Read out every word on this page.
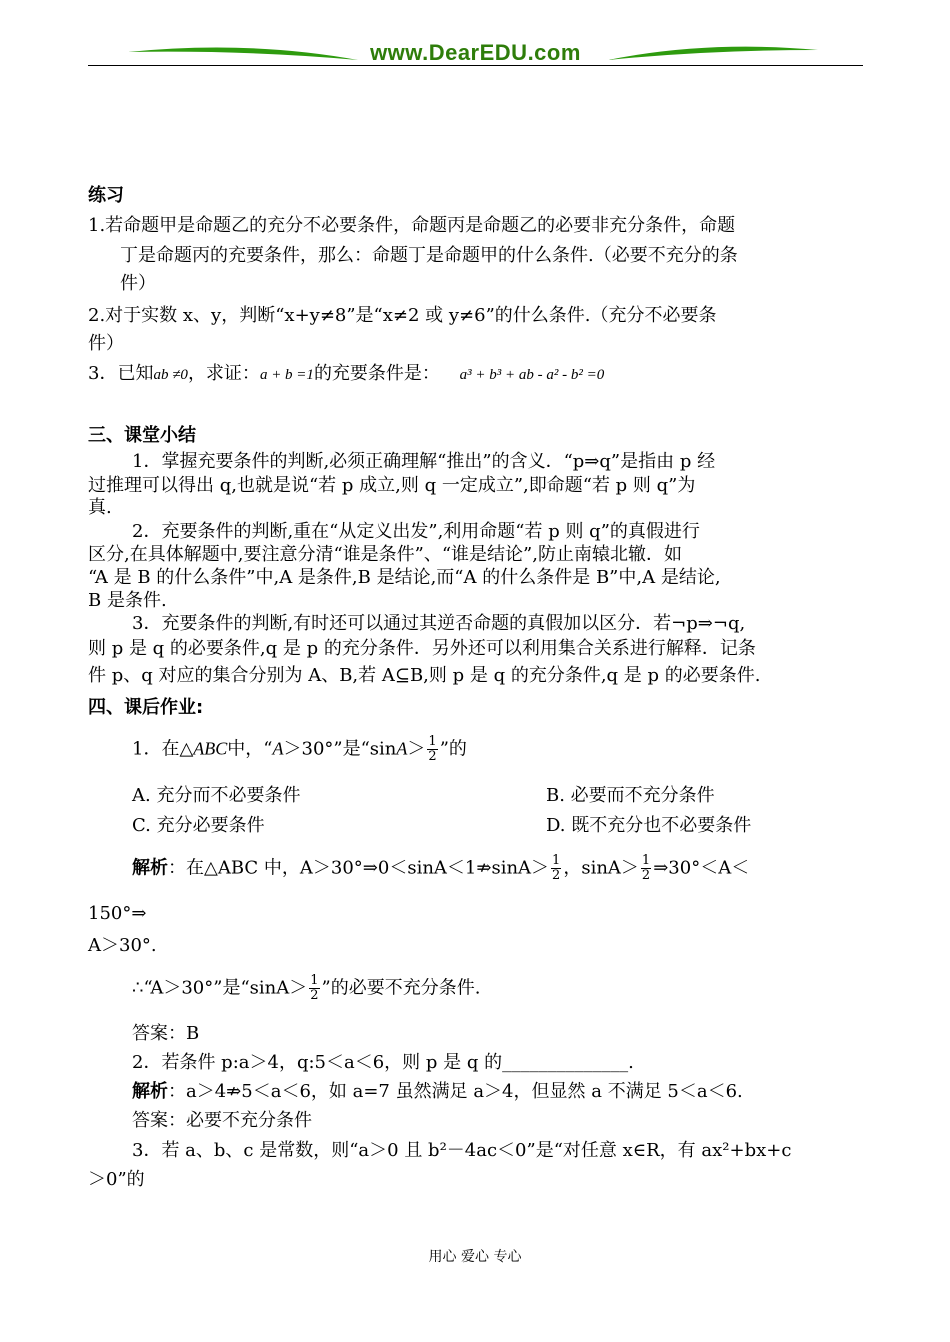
www.DearEDU.com
练习
1.若命题甲是命题乙的充分不必要条件，命题丙是命题乙的必要非充分条件，命题
丁是命题丙的充要条件，那么：命题丁是命题甲的什么条件.（必要不充分的条
件）
2.对于实数 x、y，判断“x+y≠8”是“x≠2 或 y≠6”的什么条件.（充分不必要条
件）
3．已知ab ≠0，求证：a + b =1的充要条件是： a³ + b³ + ab - a² - b² =0
三、课堂小结
1．掌握充要条件的判断,必须正确理解“推出”的含义．“p⇒q”是指由 p 经
过推理可以得出 q,也就是说“若 p 成立,则 q 一定成立”,即命题“若 p 则 q”为
真.
2．充要条件的判断,重在“从定义出发”,利用命题“若 p 则 q”的真假进行
区分,在具体解题中,要注意分清“谁是条件”、“谁是结论”,防止南辕北辙．如
“A 是 B 的什么条件”中,A 是条件,B 是结论,而“A 的什么条件是 B”中,A 是结论,
B 是条件.
3．充要条件的判断,有时还可以通过其逆否命题的真假加以区分．若¬p⇒¬q,
则 p 是 q 的必要条件,q 是 p 的充分条件．另外还可以利用集合关系进行解释．记条
件 p、q 对应的集合分别为 A、B,若 A⊆B,则 p 是 q 的充分条件,q 是 p 的必要条件.
四、课后作业:
1．在△ABC中，“A＞30°”是“$\sin A> \frac{1}{2}$ ”的
A. 充分而不必要条件	B. 必要而不充分条件
C. 充分必要条件	D. 既不充分也不必要条件
解析：在△ABC 中，A＞30°⇒0＜sinA＜1⇏sinA＞ $\frac{1}{2}$ ，$\sin A> \frac{1}{2}$ ⇒30°＜A＜
150°⇒
A＞30°.
∴“A＞30°”是“$\sin A> \frac{1}{2}$ ”的必要不充分条件.
答案：B
2．若条件 p:a＞4，q:5＜a＜6，则 p 是 q 的______________.
解析：a＞4⇏5＜a＜6，如 a=7 虽然满足 a＞4，但显然 a 不满足 5＜a＜6.
答案：必要不充分条件
3．若 a、b、c 是常数，则“a＞0 且 b²－4ac＜0”是“对任意 x∈R，有 ax²+bx+c
＞0”的
用心 爱心 专心
